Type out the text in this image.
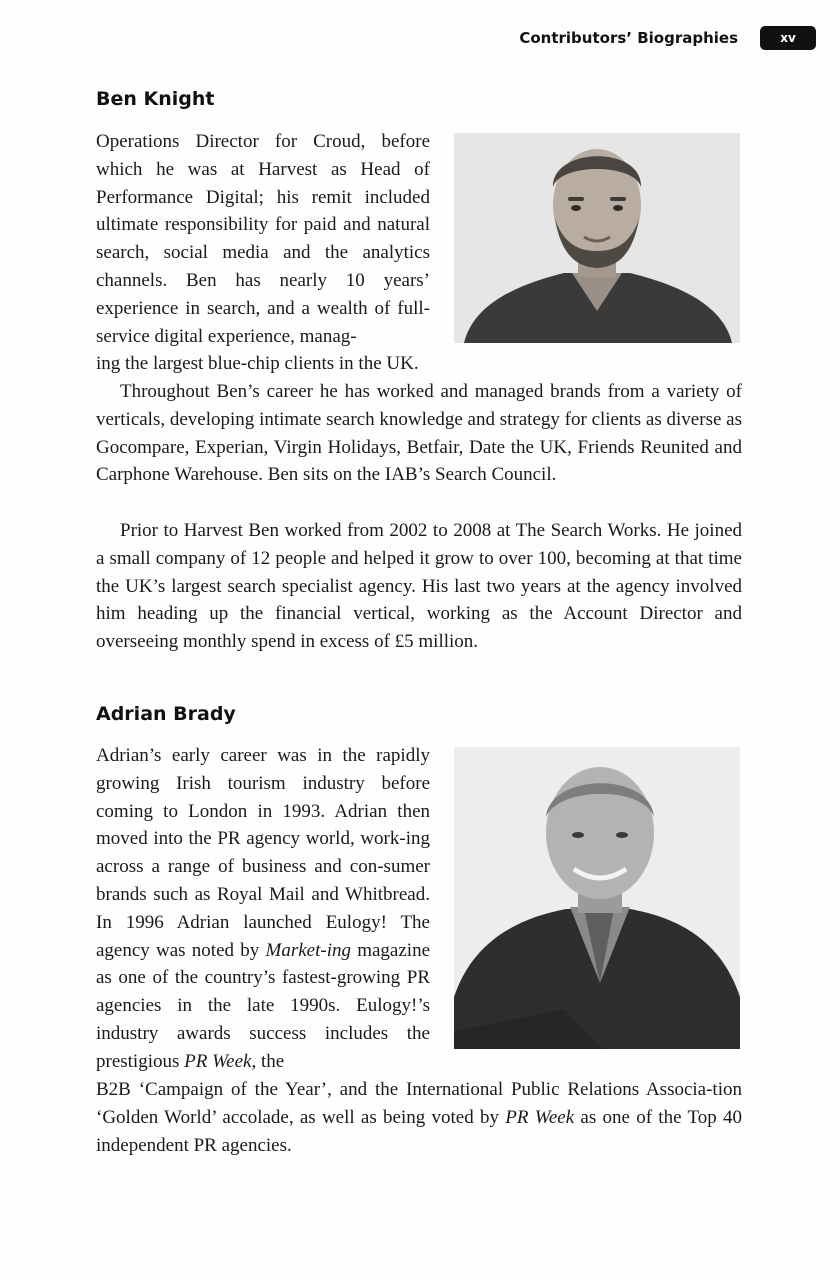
Contributors’ Biographies	xv
Ben Knight

Operations Director for Croud, before which he was at Harvest as Head of Performance Digital; his remit included ultimate responsibility for paid and natural search, social media and the analytics channels. Ben has nearly 10 years’ experience in search, and a wealth of full-service digital experience, manag-

ing the largest blue-chip clients in the UK.

Throughout Ben’s career he has worked and managed brands from a variety of verticals, developing intimate search knowledge and strategy for clients as diverse as Gocompare, Experian, Virgin Holidays, Betfair, Date the UK, Friends Reunited and Carphone Warehouse. Ben sits on the IAB’s Search Council.

Prior to Harvest Ben worked from 2002 to 2008 at The Search Works. He joined a small company of 12 people and helped it grow to over 100, becoming at that time the UK’s largest search specialist agency. His last two years at the agency involved him heading up the financial vertical, working as the Account Director and overseeing monthly spend in excess of £5 million.

Adrian Brady

Adrian’s early career was in the rapidly growing Irish tourism industry before coming to London in 1993. Adrian then moved into the PR agency world, work-ing across a range of business and con-sumer brands such as Royal Mail and Whitbread. In 1996 Adrian launched Eulogy! The agency was noted by Market-ing magazine as one of the country’s fastest-growing PR agencies in the late 1990s. Eulogy!’s industry awards success includes the prestigious PR Week, the

B2B ‘Campaign of the Year’, and the International Public Relations Associa-tion ‘Golden World’ accolade, as well as being voted by PR Week as one of the Top 40 independent PR agencies.
